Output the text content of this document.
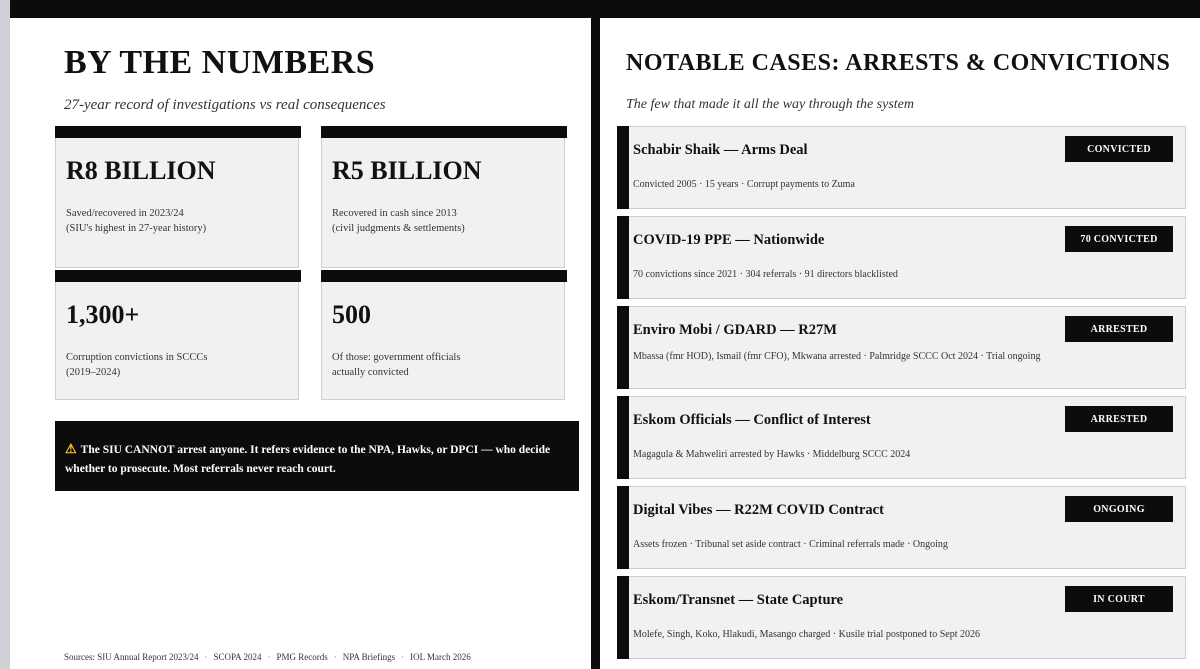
BY THE NUMBERS
27-year record of investigations vs real consequences
R8 BILLION
Saved/recovered in 2023/24
(SIU's highest in 27-year history)
R5 BILLION
Recovered in cash since 2013
(civil judgments & settlements)
1,300+
Corruption convictions in SCCCs
(2019–2024)
500
Of those: government officials
actually convicted
⚠ The SIU CANNOT arrest anyone. It refers evidence to the NPA, Hawks, or DPCI — who decide whether to prosecute. Most referrals never reach court.
Sources: SIU Annual Report 2023/24 · SCOPA 2024 · PMG Records · NPA Briefings · IOL March 2026
NOTABLE CASES: ARRESTS & CONVICTIONS
The few that made it all the way through the system
Schabir Shaik — Arms Deal	CONVICTED
Convicted 2005 · 15 years · Corrupt payments to Zuma
COVID-19 PPE — Nationwide	70 CONVICTED
70 convictions since 2021 · 304 referrals · 91 directors blacklisted
Enviro Mobi / GDARD — R27M	ARRESTED
Mbassa (fmr HOD), Ismail (fmr CFO), Mkwana arrested · Palmridge SCCC Oct 2024 · Trial ongoing
Eskom Officials — Conflict of Interest	ARRESTED
Magagula & Mahweliri arrested by Hawks · Middelburg SCCC 2024
Digital Vibes — R22M COVID Contract	ONGOING
Assets frozen · Tribunal set aside contract · Criminal referrals made · Ongoing
Eskom/Transnet — State Capture	IN COURT
Molefe, Singh, Koko, Hlakudi, Masango charged · Kusile trial postponed to Sept 2026
